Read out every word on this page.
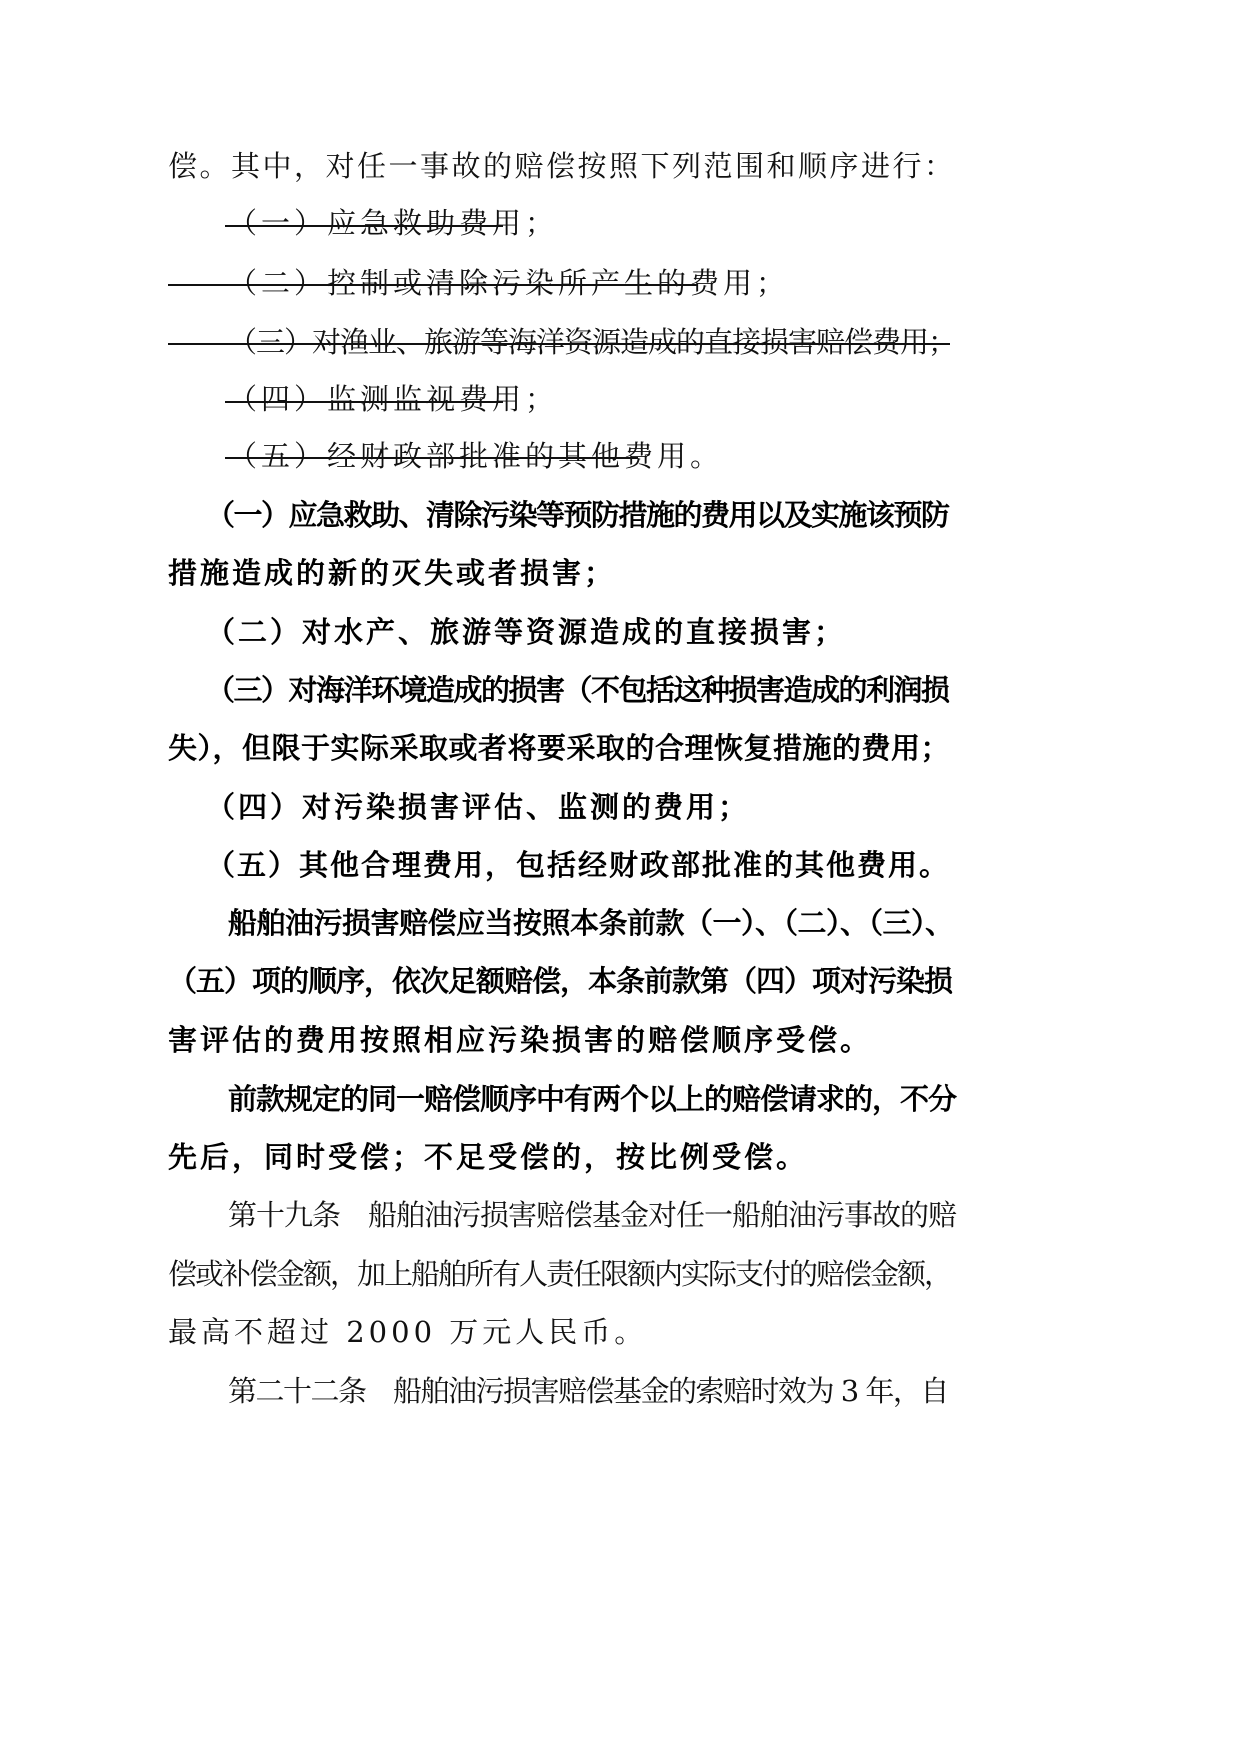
偿。其中，对任一事故的赔偿按照下列范围和顺序进行：
（一）应急救助费用；
（二）控制或清除污染所产生的费用；
（三）对渔业、旅游等海洋资源造成的直接损害赔偿费用；
（四）监测监视费用；
（五）经财政部批准的其他费用。
（一）应急救助、清除污染等预防措施的费用以及实施该预防
措施造成的新的灭失或者损害；
（二）对水产、旅游等资源造成的直接损害；
（三）对海洋环境造成的损害（不包括这种损害造成的利润损
失），但限于实际采取或者将要采取的合理恢复措施的费用；
（四）对污染损害评估、监测的费用；
（五）其他合理费用，包括经财政部批准的其他费用。
船舶油污损害赔偿应当按照本条前款（一）、（二）、（三）、
（五）项的顺序，依次足额赔偿，本条前款第（四）项对污染损
害评估的费用按照相应污染损害的赔偿顺序受偿。
前款规定的同一赔偿顺序中有两个以上的赔偿请求的，不分
先后，同时受偿；不足受偿的，按比例受偿。
第十九条　船舶油污损害赔偿基金对任一船舶油污事故的赔
偿或补偿金额，加上船舶所有人责任限额内实际支付的赔偿金额，
最高不超过 2000 万元人民币。
第二十二条　船舶油污损害赔偿基金的索赔时效为 3 年，自
